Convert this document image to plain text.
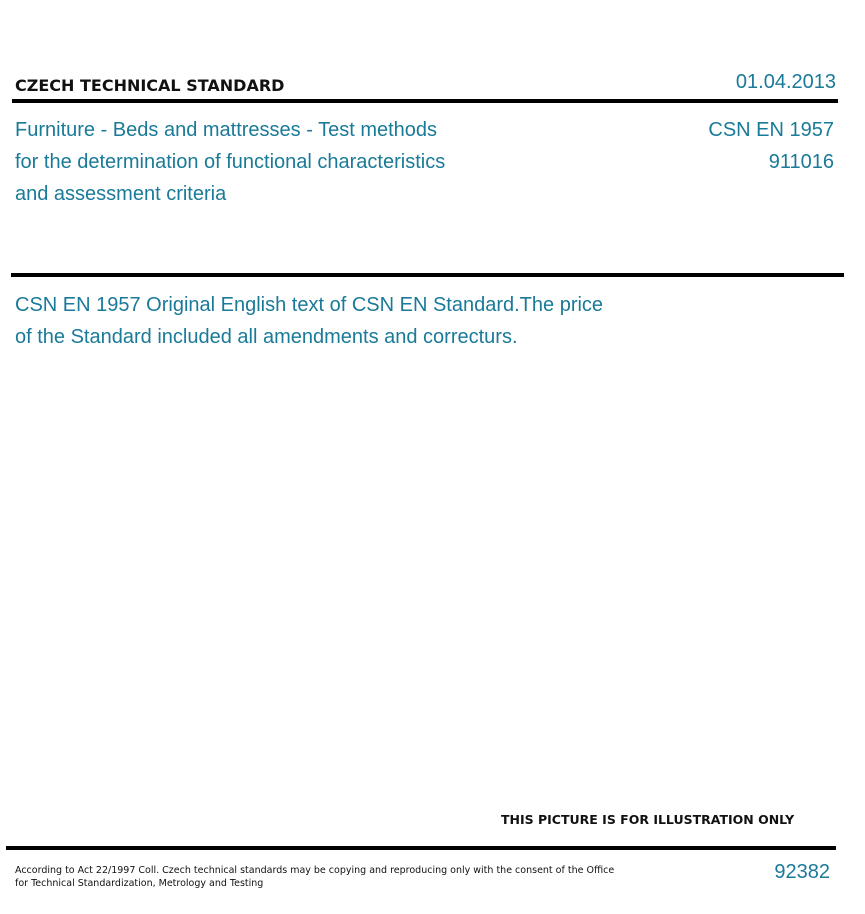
CZECH TECHNICAL STANDARD	01.04.2013
Furniture - Beds and mattresses - Test methods
for the determination of functional characteristics
and assessment criteria
CSN EN 1957
911016
CSN EN 1957 Original English text of CSN EN Standard.The price
of the Standard included all amendments and correcturs.
THIS PICTURE IS FOR ILLUSTRATION ONLY
According to Act 22/1997 Coll. Czech technical standards may be copying and reproducing only with the consent of the Office
for Technical Standardization, Metrology and Testing
92382
